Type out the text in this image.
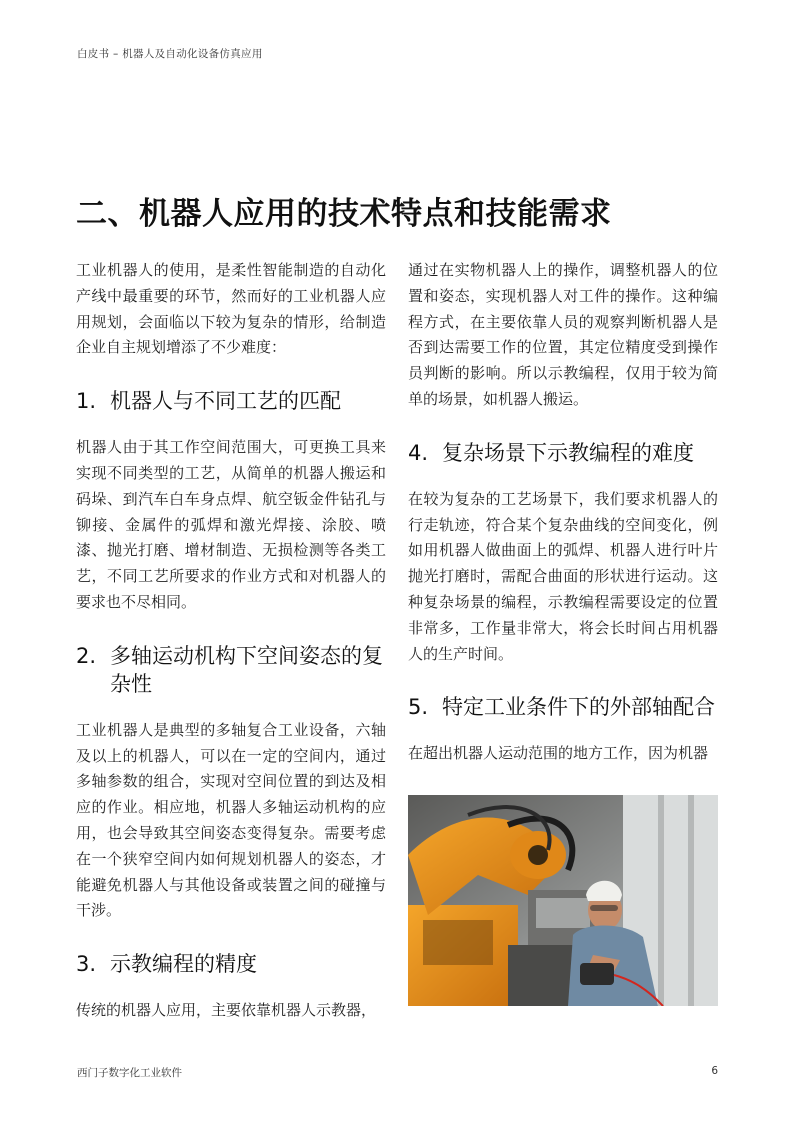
白皮书 – 机器人及自动化设备仿真应用
二、机器人应用的技术特点和技能需求

工业机器人的使用，是柔性智能制造的自动化产线中最重要的环节，然而好的工业机器人应用规划，会面临以下较为复杂的情形，给制造企业自主规划增添了不少难度：

1. 机器人与不同工艺的匹配

机器人由于其工作空间范围大，可更换工具来实现不同类型的工艺，从简单的机器人搬运和码垛、到汽车白车身点焊、航空钣金件钻孔与铆接、金属件的弧焊和激光焊接、涂胶、喷漆、抛光打磨、增材制造、无损检测等各类工艺，不同工艺所要求的作业方式和对机器人的要求也不尽相同。

2. 多轴运动机构下空间姿态的复杂性

工业机器人是典型的多轴复合工业设备，六轴及以上的机器人，可以在一定的空间内，通过多轴参数的组合，实现对空间位置的到达及相应的作业。相应地，机器人多轴运动机构的应用，也会导致其空间姿态变得复杂。需要考虑在一个狭窄空间内如何规划机器人的姿态，才能避免机器人与其他设备或装置之间的碰撞与干涉。

3. 示教编程的精度

传统的机器人应用，主要依靠机器人示教器，

通过在实物机器人上的操作，调整机器人的位置和姿态，实现机器人对工件的操作。这种编程方式，在主要依靠人员的观察判断机器人是否到达需要工作的位置，其定位精度受到操作员判断的影响。所以示教编程，仅用于较为简单的场景，如机器人搬运。

4. 复杂场景下示教编程的难度

在较为复杂的工艺场景下，我们要求机器人的行走轨迹，符合某个复杂曲线的空间变化，例如用机器人做曲面上的弧焊、机器人进行叶片抛光打磨时，需配合曲面的形状进行运动。这种复杂场景的编程，示教编程需要设定的位置非常多，工作量非常大，将会长时间占用机器人的生产时间。

5. 特定工业条件下的外部轴配合

在超出机器人运动范围的地方工作，因为机器

西门子数字化工业软件	6
